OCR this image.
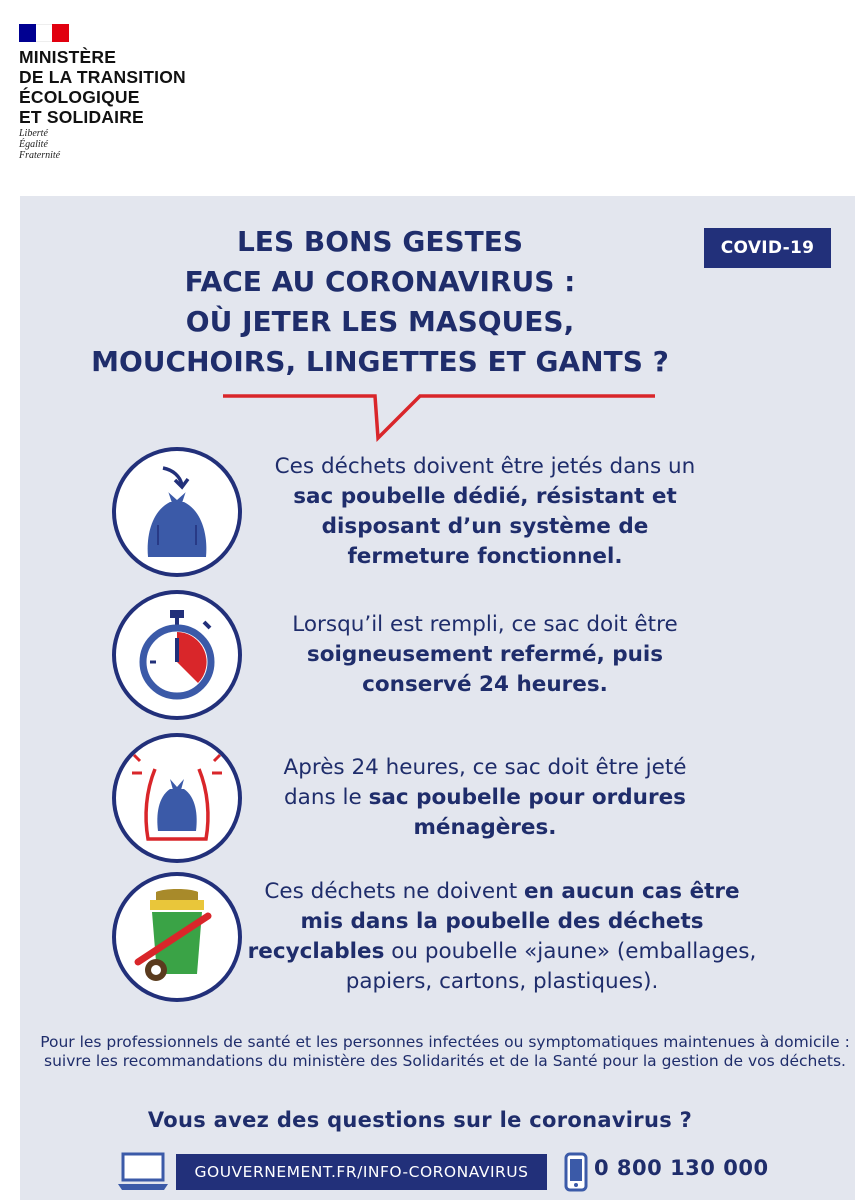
MINISTÈRE
DE LA TRANSITION
ÉCOLOGIQUE
ET SOLIDAIRE
Liberté
Égalité
Fraternité
LES BONS GESTES
FACE AU CORONAVIRUS :
OÙ JETER LES MASQUES,
MOUCHOIRS, LINGETTES ET GANTS ?
COVID-19
Ces déchets doivent être jetés dans un sac poubelle dédié, résistant et disposant d’un système de fermeture fonctionnel.
Lorsqu’il est rempli, ce sac doit être soigneusement refermé, puis conservé 24 heures.
Après 24 heures, ce sac doit être jeté dans le sac poubelle pour ordures ménagères.
Ces déchets ne doivent en aucun cas être mis dans la poubelle des déchets recyclables ou poubelle «jaune» (emballages, papiers, cartons, plastiques).
Pour les professionnels de santé et les personnes infectées ou symptomatiques maintenues à domicile : suivre les recommandations du ministère des Solidarités et de la Santé pour la gestion de vos déchets.
Vous avez des questions sur le coronavirus ?
GOUVERNEMENT.FR/INFO-CORONAVIRUS	0 800 130 000
